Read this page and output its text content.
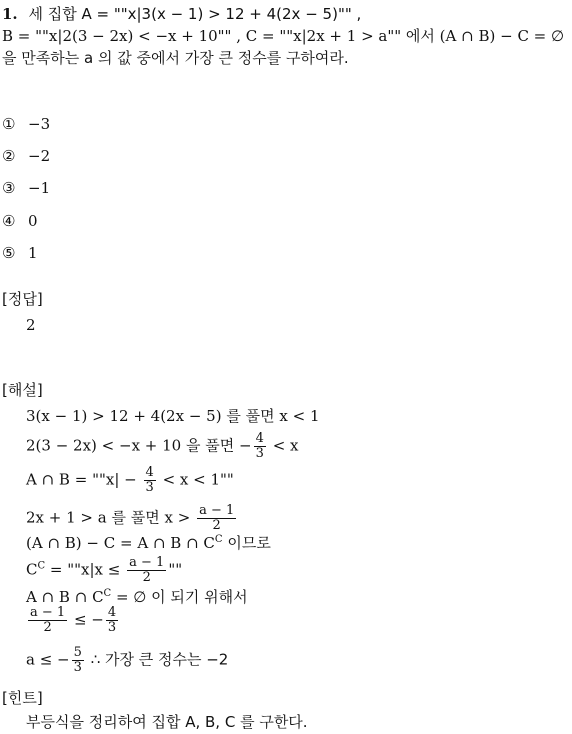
1. 세 집합 A = ""x|3(x − 1) > 12 + 4(2x − 5)"" ,
B = ""x|2(3 − 2x) < −x + 10"" , C = ""x|2x + 1 > a"" 에서 (A ∩ B) − C = ∅
을 만족하는 a 의 값 중에서 가장 큰 정수를 구하여라.
① −3
② −2
③ −1
④ 0
⑤ 1
[정답]
2
[해설]
3(x − 1) > 12 + 4(2x − 5) 를 풀면 x < 1
2(3 − 2x) < −x + 10 을 풀면 − $\frac{4}{3} < x$
A ∩ B = ""$x| - \frac{4}{3} < x < 1$""
2x + 1 > a 를 풀면 $x > \frac{a - 1}{2}$
(A ∩ B) − C = A ∩ B ∩ $C^C$ 이므로
$C^C$ = ""$x|x \le \frac{a - 1}{2}$ ""
A ∩ B ∩ $C^C$ = ∅ 이 되기 위해서
$\frac{a - 1}{2}$ ≤ − $\frac{4}{3}$
a ≤ − $\frac{5}{3}$ ∴ 가장 큰 정수는 −2
[힌트]
부등식을 정리하여 집합 A, B, C 를 구한다.
